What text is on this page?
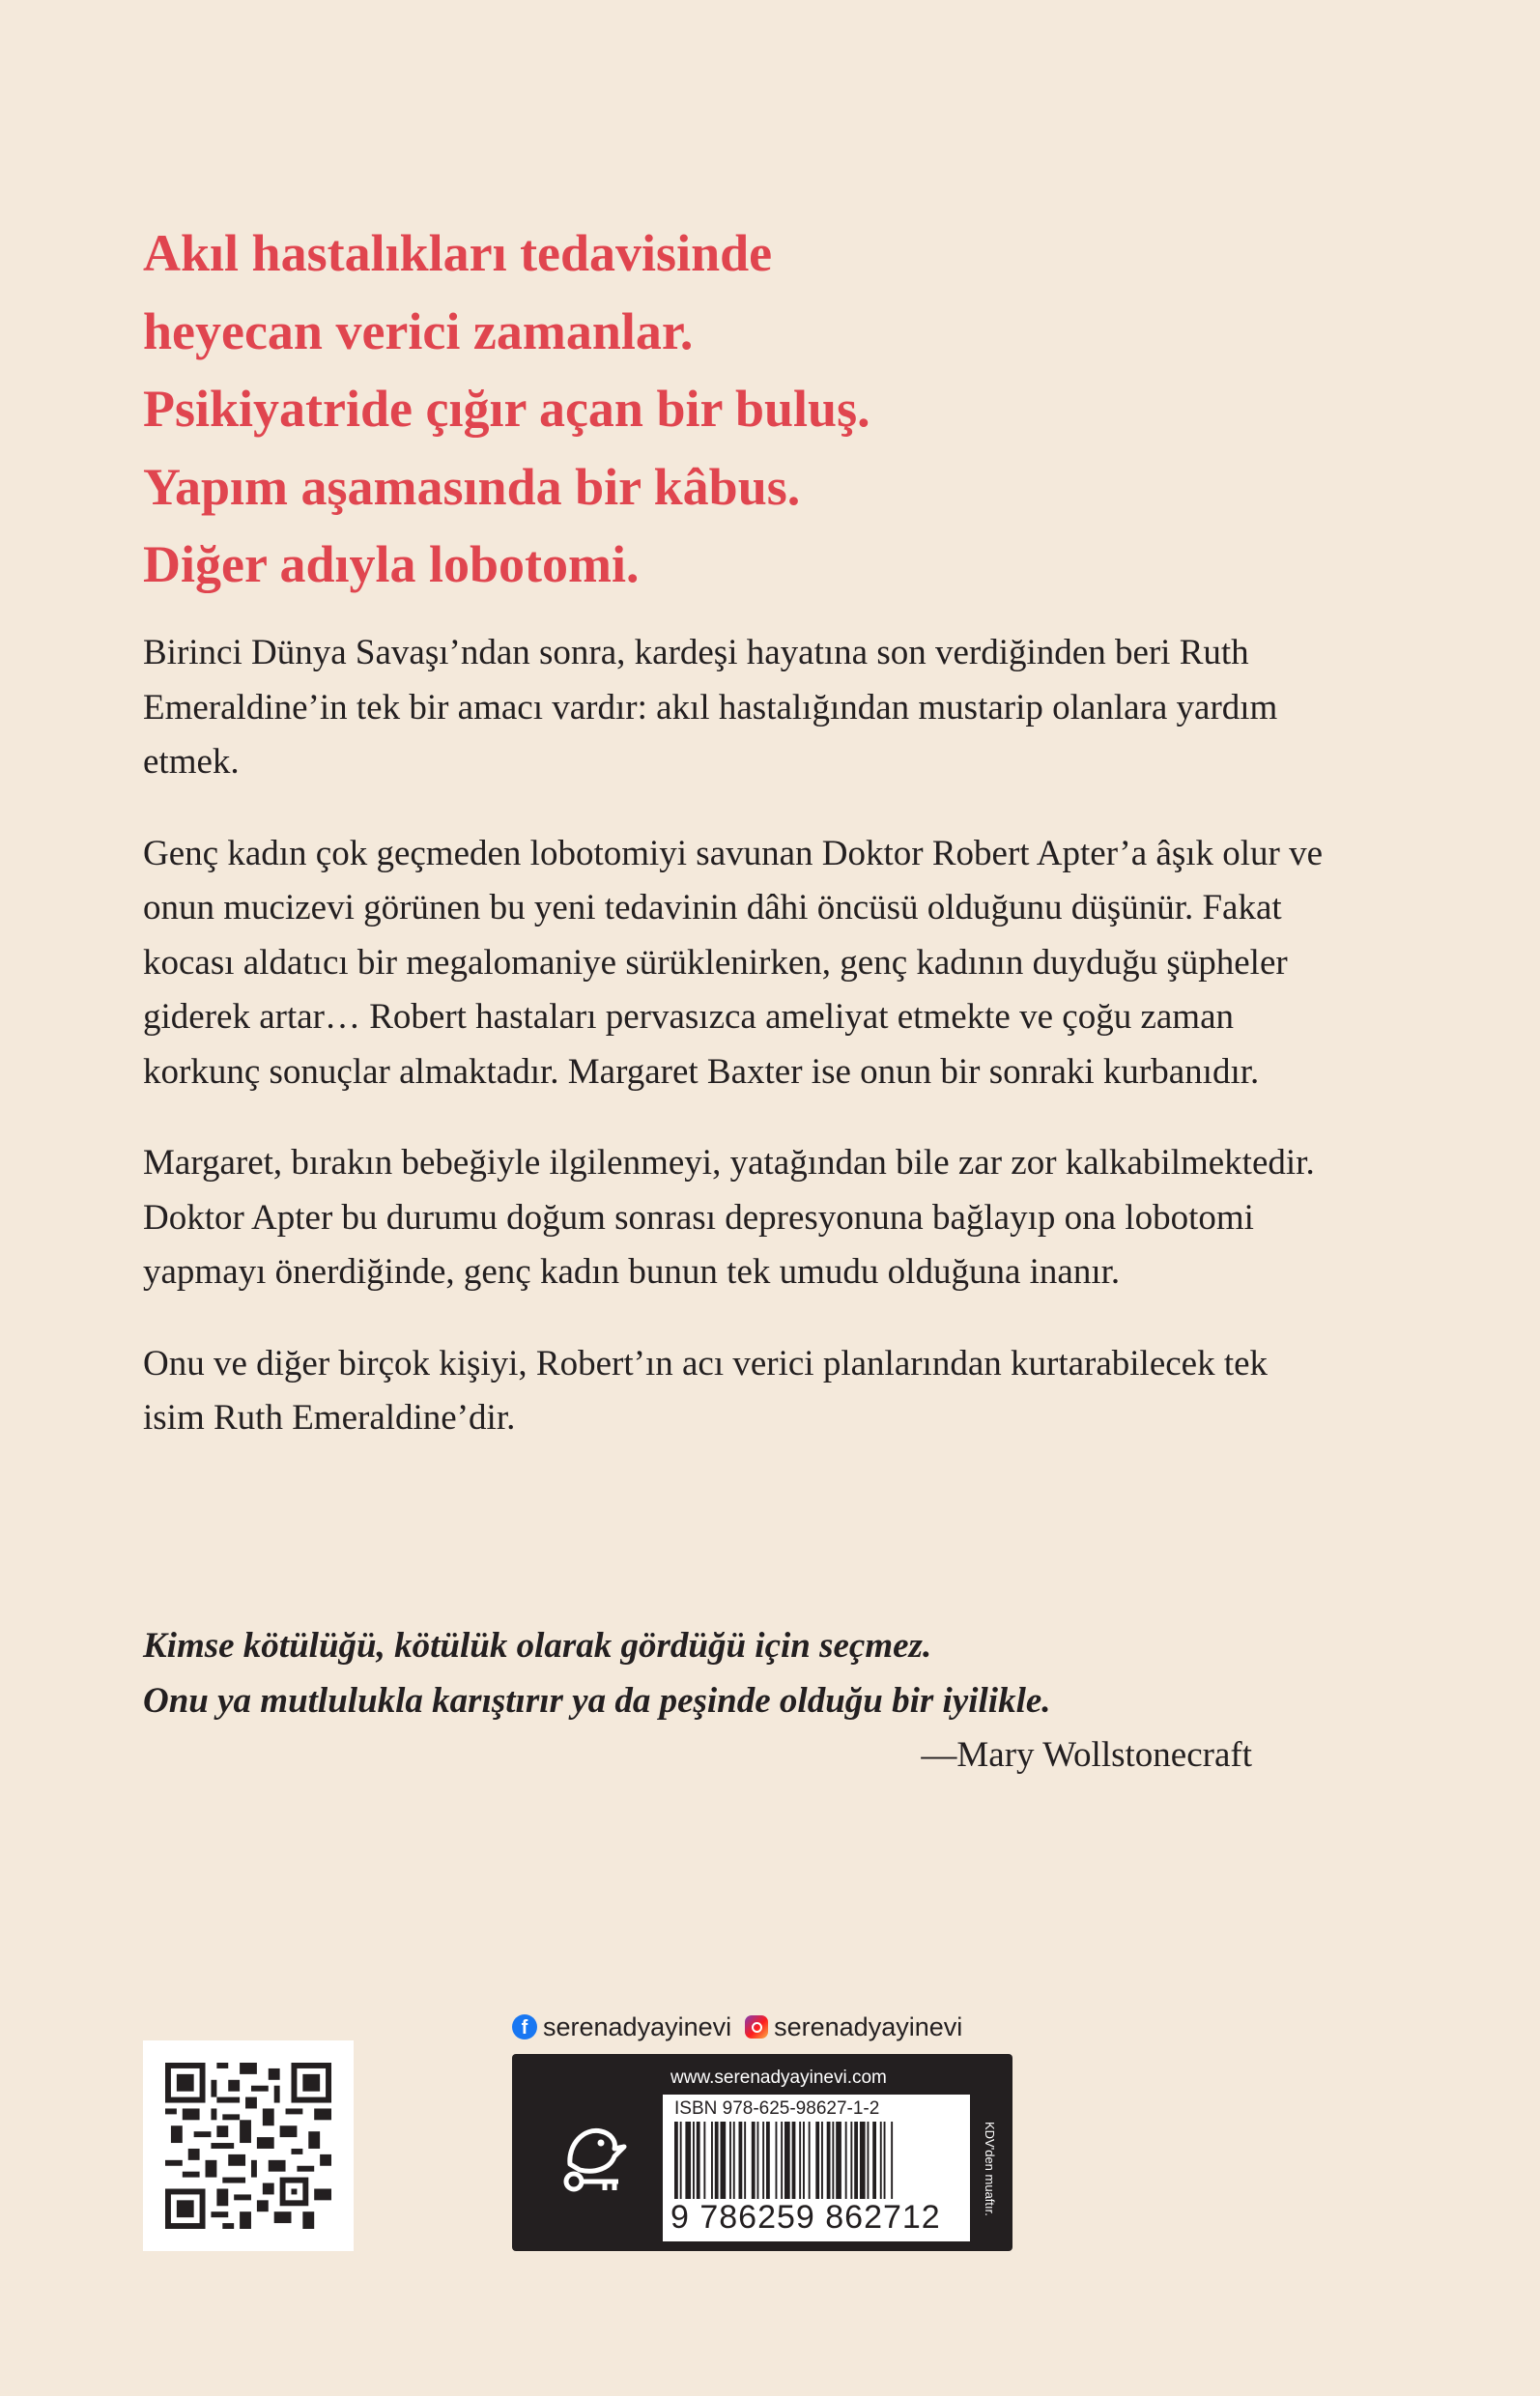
Akıl hastalıkları tedavisinde
heyecan verici zamanlar.
Psikiyatride çığır açan bir buluş.
Yapım aşamasında bir kâbus.
Diğer adıyla lobotomi.

Birinci Dünya Savaşı’ndan sonra, kardeşi hayatına son verdiğinden beri Ruth Emeraldine’in tek bir amacı vardır: akıl hastalığından mustarip olanlara yardım etmek.

Genç kadın çok geçmeden lobotomiyi savunan Doktor Robert Apter’a âşık olur ve onun mucizevi görünen bu yeni tedavinin dâhi öncüsü olduğunu düşünür. Fakat kocası aldatıcı bir megalomaniye sürüklenirken, genç kadının duyduğu şüpheler giderek artar… Robert hastaları pervasızca ameliyat etmekte ve çoğu zaman korkunç sonuçlar almaktadır. Margaret Baxter ise onun bir sonraki kurbanıdır.

Margaret, bırakın bebeğiyle ilgilenmeyi, yatağından bile zar zor kalkabilmektedir. Doktor Apter bu durumu doğum sonrası depresyonuna bağlayıp ona lobotomi yapmayı önerdiğinde, genç kadın bunun tek umudu olduğuna inanır.

Onu ve diğer birçok kişiyi, Robert’ın acı verici planlarından kurtarabilecek tek isim Ruth Emeraldine’dir.

Kimse kötülüğü, kötülük olarak gördüğü için seçmez.

Onu ya mutlulukla karıştırır ya da peşinde olduğu bir iyilikle.

—Mary Wollstonecraft

f serenadyayinevi serenadyayinevi
www.serenadyayinevi.com
ISBN 978-625-98627-1-2
9 786259 862712
KDV'den muaftır.
